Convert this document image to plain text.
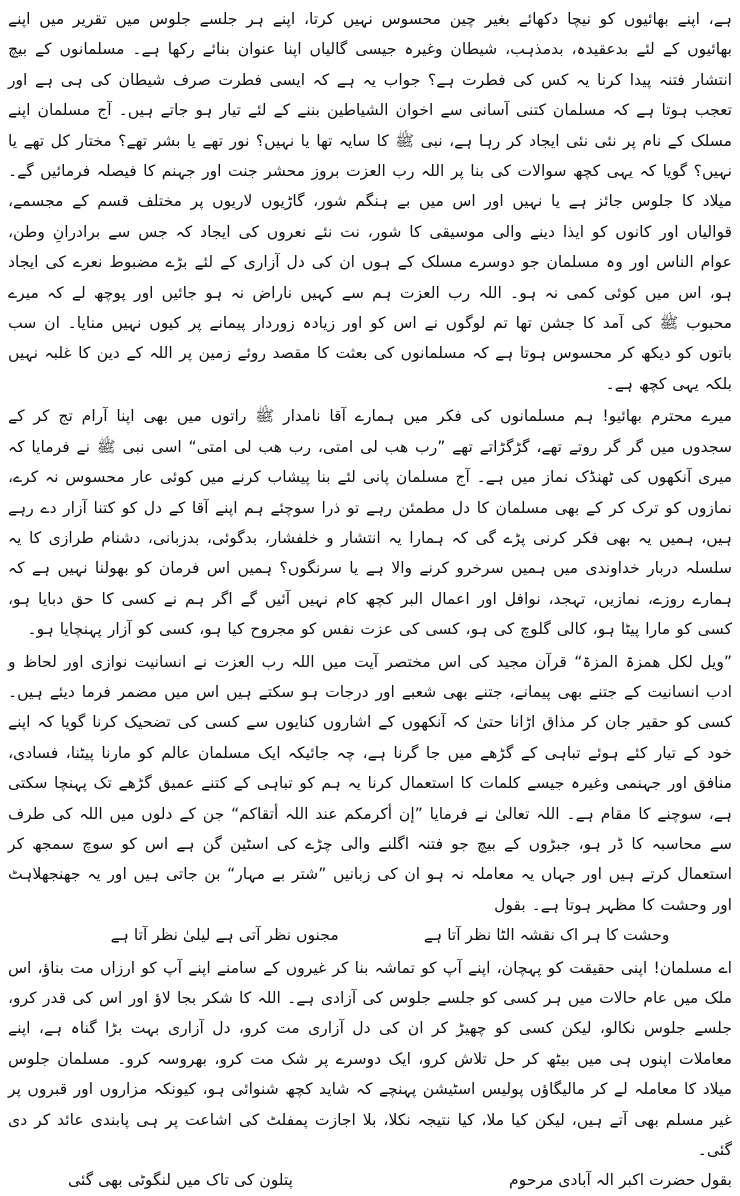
ہے، اپنے بھائیوں کو نیچا دکھائے بغیر چین محسوس نہیں کرتا، اپنے ہر جلسے جلوس میں تقریر میں اپنے بھائیوں کے لئے بدعقیدہ، بدمذہب، شیطان وغیرہ جیسی گالیاں اپنا عنوان بنائے رکھا ہے۔ مسلمانوں کے بیچ انتشار فتنہ پیدا کرنا یہ کس کی فطرت ہے؟ جواب یہ ہے کہ ایسی فطرت صرف شیطان کی ہی ہے اور تعجب ہوتا ہے کہ مسلمان کتنی آسانی سے اخوان الشیاطین بننے کے لئے تیار ہو جاتے ہیں۔ آج مسلمان اپنے مسلک کے نام پر نئی نئی ایجاد کر رہا ہے، نبی ﷺ کا سایہ تھا یا نہیں؟ نور تھے یا بشر تھے؟ مختار کل تھے یا نہیں؟ گویا کہ یہی کچھ سوالات کی بنا پر اللہ رب العزت بروز محشر جنت اور جہنم کا فیصلہ فرمائیں گے۔ میلاد کا جلوس جائز ہے یا نہیں اور اس میں بے ہنگم شور، گاڑیوں لاریوں پر مختلف قسم کے مجسمے، قوالیاں اور کانوں کو ایذا دینے والی موسیقی کا شور، نت نئے نعروں کی ایجاد کہ جس سے برادرانِ وطن، عوام الناس اور وہ مسلمان جو دوسرے مسلک کے ہوں ان کی دل آزاری کے لئے بڑے مضبوط نعرے کی ایجاد ہو، اس میں کوئی کمی نہ ہو۔ اللہ رب العزت ہم سے کہیں ناراض نہ ہو جائیں اور پوچھ لے کہ میرے محبوب ﷺ کی آمد کا جشن تھا تم لوگوں نے اس کو اور زیادہ زوردار پیمانے پر کیوں نہیں منایا۔ ان سب باتوں کو دیکھ کر محسوس ہوتا ہے کہ مسلمانوں کی بعثت کا مقصد روئے زمین پر اللہ کے دین کا غلبہ نہیں بلکہ یہی کچھ ہے۔

میرے محترم بھائیو! ہم مسلمانوں کی فکر میں ہمارے آقا نامدار ﷺ راتوں میں بھی اپنا آرام تج کر کے سجدوں میں گر گر روتے تھے، گڑگڑاتے تھے ”رب ھب لی امتی، رب ھب لی امتی“ اسی نبی ﷺ نے فرمایا کہ میری آنکھوں کی ٹھنڈک نماز میں ہے۔ آج مسلمان پانی لئے بنا پیشاب کرنے میں کوئی عار محسوس نہ کرے، نمازوں کو ترک کر کے بھی مسلمان کا دل مطمئن رہے تو ذرا سوچئے ہم اپنے آقا کے دل کو کتنا آزار دے رہے ہیں، ہمیں یہ بھی فکر کرنی پڑے گی کہ ہمارا یہ انتشار و خلفشار، بدگوئی، بدزبانی، دشنام طرازی کا یہ سلسلہ دربار خداوندی میں ہمیں سرخرو کرنے والا ہے یا سرنگوں؟ ہمیں اس فرمان کو بھولنا نہیں ہے کہ ہمارے روزے، نمازیں، تہجد، نوافل اور اعمال البر کچھ کام نہیں آئیں گے اگر ہم نے کسی کا حق دبایا ہو، کسی کو مارا پیٹا ہو، کالی گلوچ کی ہو، کسی کی عزت نفس کو مجروح کیا ہو، کسی کو آزار پہنچایا ہو۔

”ویل لکل ھمزۃ المزۃ“ قرآن مجید کی اس مختصر آیت میں اللہ رب العزت نے انسانیت نوازی اور لحاظ و ادب انسانیت کے جتنے بھی پیمانے، جتنے بھی شعبے اور درجات ہو سکتے ہیں اس میں مضمر فرما دیئے ہیں۔ کسی کو حقیر جان کر مذاق اڑانا حتیٰ کہ آنکھوں کے اشاروں کنایوں سے کسی کی تضحیک کرنا گویا کہ اپنے خود کے تیار کئے ہوئے تباہی کے گڑھے میں جا گرنا ہے، چہ جائیکہ ایک مسلمان عالم کو مارنا پیٹنا، فسادی، منافق اور جہنمی وغیرہ جیسے کلمات کا استعمال کرنا یہ ہم کو تباہی کے کتنے عمیق گڑھے تک پہنچا سکتی ہے، سوچنے کا مقام ہے۔ اللہ تعالیٰ نے فرمایا ”إن أکرمکم عند اللہ أتقاکم“ جن کے دلوں میں اللہ کی طرف سے محاسبہ کا ڈر ہو، جبڑوں کے بیچ جو فتنہ اگلنے والی چڑے کی اسٹین گن ہے اس کو سوچ سمجھ کر استعمال کرتے ہیں اور جہاں یہ معاملہ نہ ہو ان کی زبانیں ”شتر بے مہار“ بن جاتی ہیں اور یہ جھنجھلاہٹ اور وحشت کا مظہر ہوتا ہے۔ بقول

وحشت کا ہر اک نقشہ الٹا نظر آتا ہے
مجنوں نظر آتی ہے لیلیٰ نظر آتا ہے

اے مسلمان! اپنی حقیقت کو پہچان، اپنے آپ کو تماشہ بنا کر غیروں کے سامنے اپنے آپ کو ارزاں مت بناؤ، اس ملک میں عام حالات میں ہر کسی کو جلسے جلوس کی آزادی ہے۔ اللہ کا شکر بجا لاؤ اور اس کی قدر کرو، جلسے جلوس نکالو، لیکن کسی کو چھیڑ کر ان کی دل آزاری مت کرو، دل آزاری بہت بڑا گناہ ہے، اپنے معاملات اپنوں ہی میں بیٹھ کر حل تلاش کرو، ایک دوسرے پر شک مت کرو، بھروسہ کرو۔ مسلمان جلوس میلاد کا معاملہ لے کر مالیگاؤں پولیس اسٹیشن پہنچے کہ شاید کچھ شنوائی ہو، کیونکہ مزاروں اور قبروں پر غیر مسلم بھی آتے ہیں، لیکن کیا ملا، کیا نتیجہ نکلا، بلا اجازت پمفلٹ کی اشاعت پر ہی پابندی عائد کر دی گئی۔

بقول حضرت اکبر الہ آبادی مرحوم
پتلون کی تاک میں لنگوٹی بھی گئی
